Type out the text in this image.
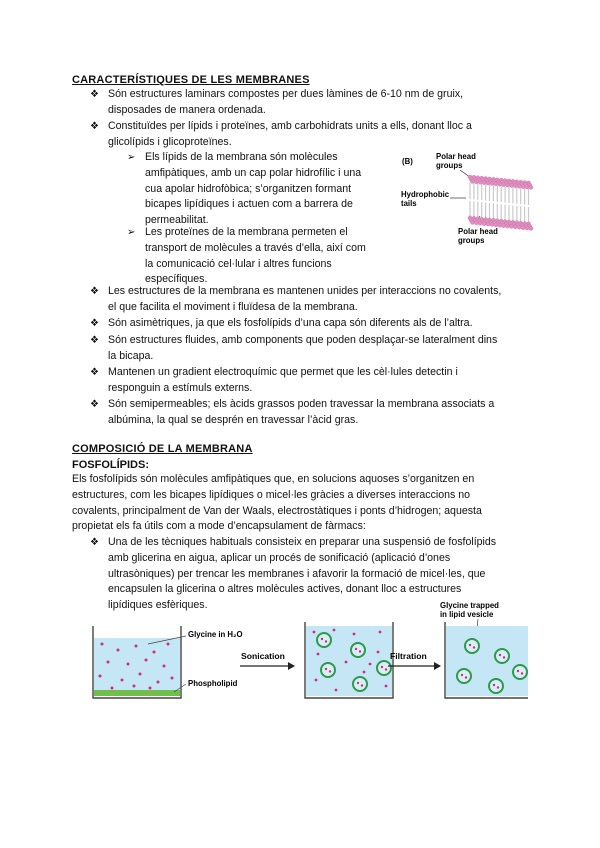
CARACTERÍSTIQUES DE LES MEMBRANES
❖ Són estructures laminars compostes per dues làmines de 6-10 nm de gruix,
disposades de manera ordenada.
❖ Constituïdes per lípids i proteïnes, amb carbohidrats units a ells, donant lloc a
glicolípids i glicoproteïnes.
➢ Els lípids de la membrana són molècules
amfipàtiques, amb un cap polar hidrofílic i una
cua apolar hidrofòbica; s’organitzen formant
bicapes lipídiques i actuen com a barrera de
permeabilitat.
➢ Les proteïnes de la membrana permeten el
transport de molècules a través d’ella, així com
la comunicació cel·lular i altres funcions
específiques.
(B)
Polar head
groups
Hydrophobic
tails
Polar head
groups
❖ Les estructures de la membrana es mantenen unides per interaccions no covalents,
el que facilita el moviment i fluïdesa de la membrana.
❖ Són asimètriques, ja que els fosfolípids d’una capa són diferents als de l’altra.
❖ Són estructures fluides, amb components que poden desplaçar-se lateralment dins
la bicapa.
❖ Mantenen un gradient electroquímic que permet que les cèl·lules detectin i
responguin a estímuls externs.
❖ Són semipermeables; els àcids grassos poden travessar la membrana associats a
albúmina, la qual se desprén en travessar l’àcid gras.
COMPOSICIÓ DE LA MEMBRANA
FOSFOLÍPIDS:
Els fosfolípids són molècules amfipàtiques que, en solucions aquoses s’organitzen en
estructures, com les bicapes lipídiques o micel·les gràcies a diverses interaccions no
covalents, principalment de Van der Waals, electrostàtiques i ponts d’hidrogen; aquesta
propietat els fa útils com a mode d’encapsulament de fàrmacs:
❖ Una de les tècniques habituals consisteix en preparar una suspensió de fosfolípids
amb glicerina en aigua, aplicar un procés de sonificació (aplicació d’ones
ultrasòniques) per trencar les membranes i afavorir la formació de micel·les, que
encapsulen la glicerina o altres molècules actives, donant lloc a estructures
lipídiques esfèriques.
Glycine in H₂O
Phospholipid
Sonication	Filtration
Glycine trapped
in lipid vesicle
